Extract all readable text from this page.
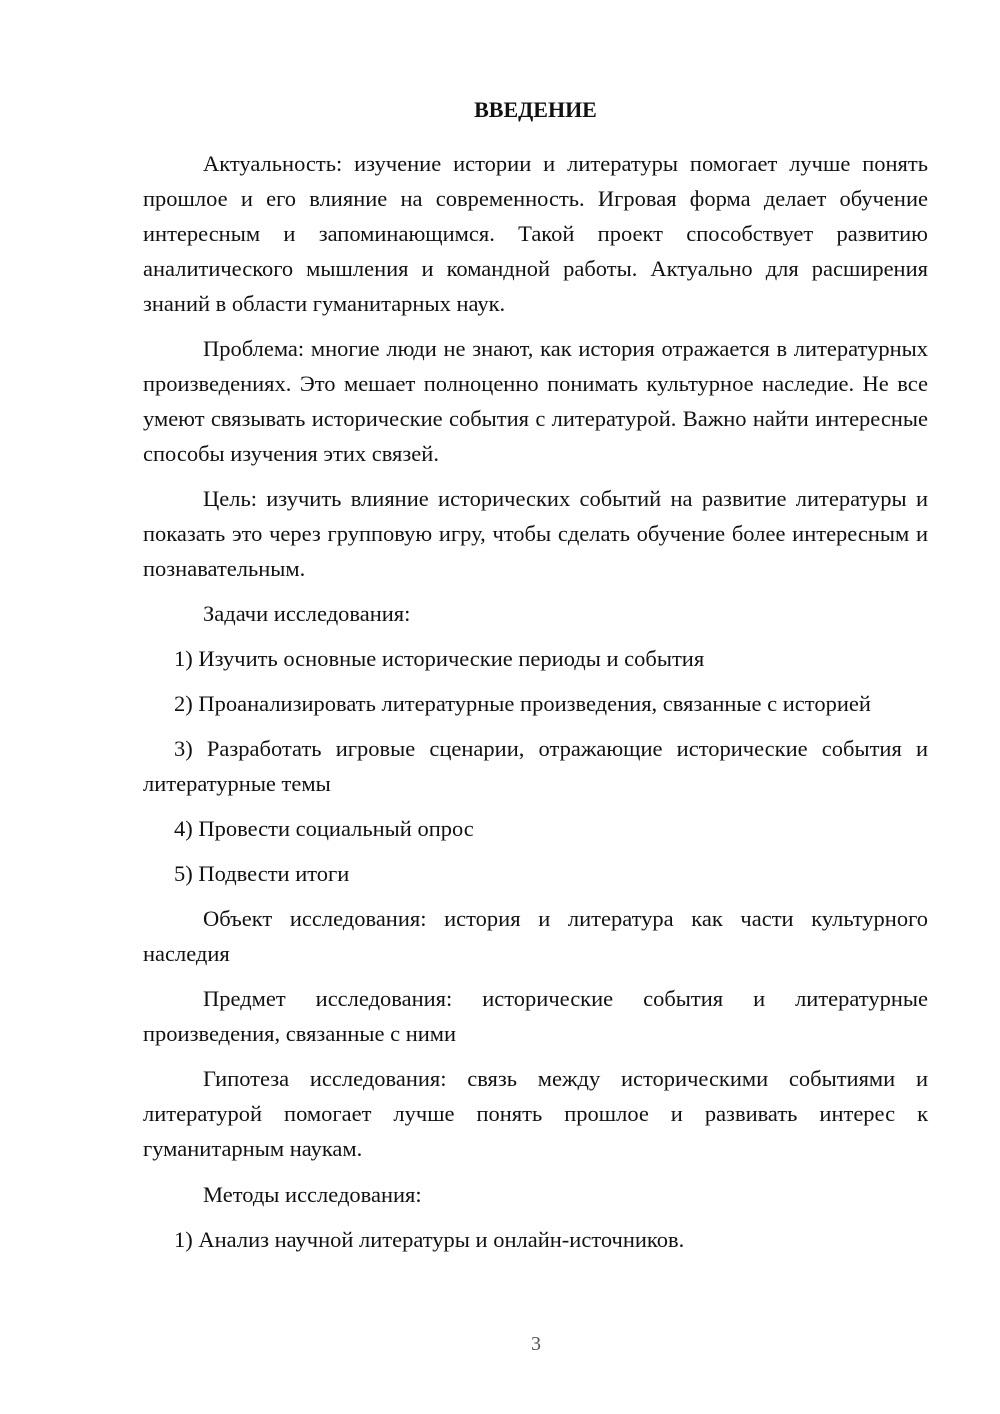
ВВЕДЕНИЕ

Актуальность: изучение истории и литературы помогает лучше понять прошлое и его влияние на современность. Игровая форма делает обучение интересным и запоминающимся. Такой проект способствует развитию аналитического мышления и командной работы. Актуально для расширения знаний в области гуманитарных наук.

Проблема: многие люди не знают, как история отражается в литературных произведениях. Это мешает полноценно понимать культурное наследие. Не все умеют связывать исторические события с литературой. Важно найти интересные способы изучения этих связей.

Цель: изучить влияние исторических событий на развитие литературы и показать это через групповую игру, чтобы сделать обучение более интересным и познавательным.

Задачи исследования:

1) Изучить основные исторические периоды и события

2) Проанализировать литературные произведения, связанные с историей

3) Разработать игровые сценарии, отражающие исторические события и литературные темы

4) Провести социальный опрос

5) Подвести итоги

Объект исследования: история и литература как части культурного наследия

Предмет исследования: исторические события и литературные произведения, связанные с ними

Гипотеза исследования: связь между историческими событиями и литературой помогает лучше понять прошлое и развивать интерес к гуманитарным наукам.

Методы исследования:

1) Анализ научной литературы и онлайн-источников.

3
